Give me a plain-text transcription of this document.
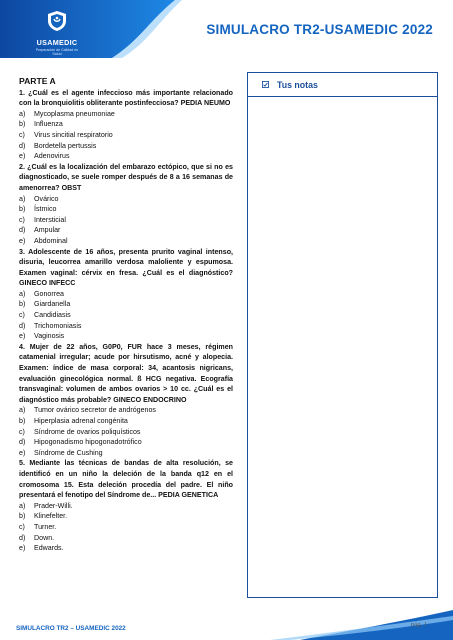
USAMEDIC
Preparación de Calidad en Salud
SIMULACRO TR2-USAMEDIC 2022
PARTE A
1. ¿Cuál es el agente infeccioso más importante relacionado con la bronquiolitis obliterante postinfecciosa? PEDIA NEUMO
a)	Mycoplasma pneumoniae
b)	Influenza
c)	Virus sincitial respiratorio
d)	Bordetella pertussis
e)	Adenovirus
2. ¿Cuál es la localización del embarazo ectópico, que si no es diagnosticado, se suele romper después de 8 a 16 semanas de amenorrea? OBST
a)	Ovárico
b)	Ístmico
c)	Intersticial
d)	Ampular
e)	Abdominal
3. Adolescente de 16 años, presenta prurito vaginal intenso, disuria, leucorrea amarillo verdosa maloliente y espumosa. Examen vaginal: cérvix en fresa. ¿Cuál es el diagnóstico? GINECO INFECC
a)	Gonorrea
b)	Giardanella
c)	Candidiasis
d)	Trichomoniasis
e)	Vaginosis
4. Mujer de 22 años, G0P0, FUR hace 3 meses, régimen catamenial irregular; acude por hirsutismo, acné y alopecia. Examen: índice de masa corporal: 34, acantosis nigricans, evaluación ginecológica normal. ß HCG negativa. Ecografía transvaginal: volumen de ambos ovarios > 10 cc. ¿Cuál es el diagnóstico más probable? GINECO ENDOCRINO
a)	Tumor ovárico secretor de andrógenos
b)	Hiperplasia adrenal congénita
c)	Síndrome de ovarios poliquísticos
d)	Hipogonadismo hipogonadotrófico
e)	Síndrome de Cushing
5. Mediante las técnicas de bandas de alta resolución, se identificó en un niño la deleción de la banda q12 en el cromosoma 15. Esta deleción procedía del padre. El niño presentará el fenotipo del Síndrome de... PEDIA GENETICA
a)	Prader-Willi.
b)	Klinefelter.
c)	Turner.
d)	Down.
e)	Edwards.
Tus notas
SIMULACRO TR2 – USAMEDIC 2022
pág. 1
